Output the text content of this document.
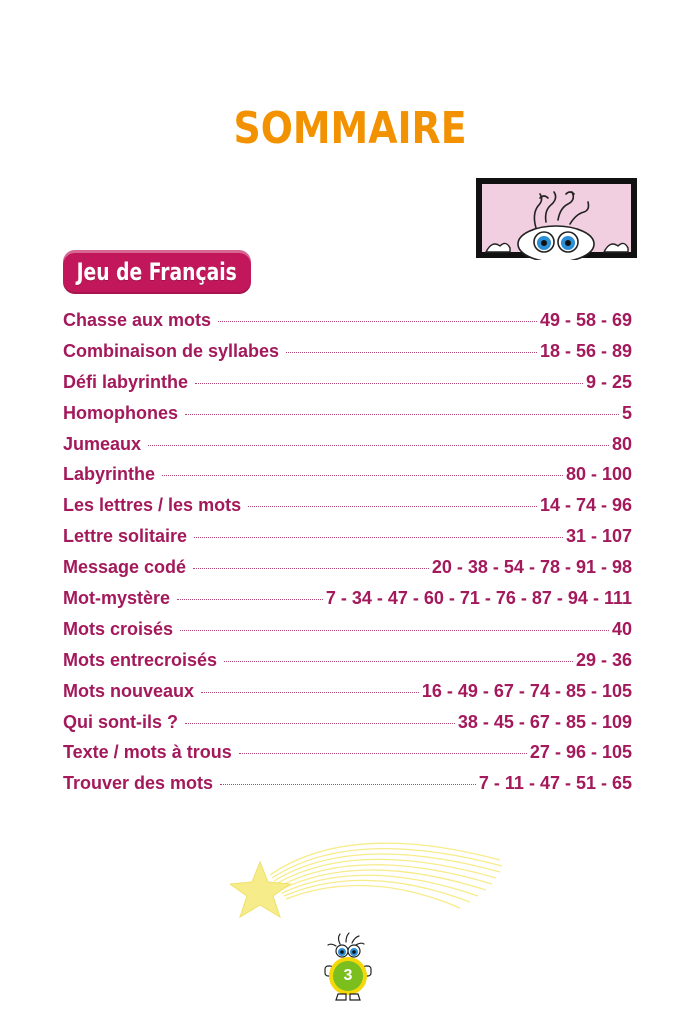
SOMMAIRE
Jeu de Français
Chasse aux mots	49 - 58 - 69
Combinaison de syllabes	18 - 56 - 89
Défi labyrinthe	9 - 25
Homophones	5
Jumeaux	80
Labyrinthe	80 - 100
Les lettres / les mots	14 - 74 - 96
Lettre solitaire	31 - 107
Message codé	20 - 38 - 54 - 78 - 91 - 98
Mot-mystère	7 - 34 - 47 - 60 - 71 - 76 - 87 - 94 - 111
Mots croisés	40
Mots entrecroisés	29 - 36
Mots nouveaux	16 - 49 - 67 - 74 - 85 - 105
Qui sont-ils ?	38 - 45 - 67 - 85 - 109
Texte / mots à trous	27 - 96 - 105
Trouver des mots	7 - 11 - 47 - 51 - 65
3
